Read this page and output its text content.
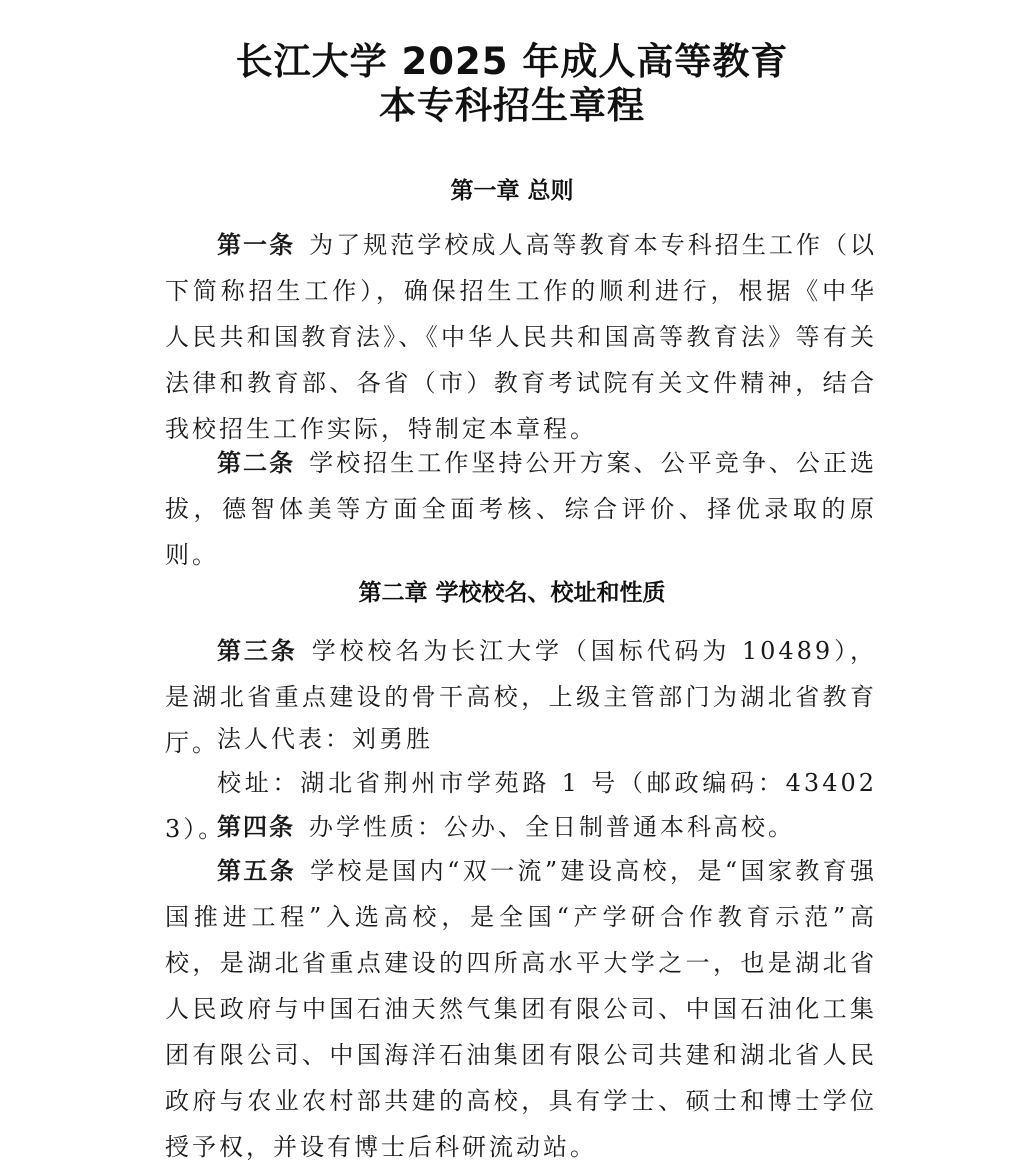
长江大学 2025 年成人高等教育
本专科招生章程
第一章 总则

第一条 为了规范学校成人高等教育本专科招生工作（以下简称招生工作），确保招生工作的顺利进行，根据《中华人民共和国教育法》、《中华人民共和国高等教育法》等有关法律和教育部、各省（市）教育考试院有关文件精神，结合我校招生工作实际，特制定本章程。

第二条 学校招生工作坚持公开方案、公平竞争、公正选拔，德智体美等方面全面考核、综合评价、择优录取的原则。

第二章 学校校名、校址和性质

第三条 学校校名为长江大学（国标代码为 10489），是湖北省重点建设的骨干高校，上级主管部门为湖北省教育厅。

法人代表：刘勇胜

校址：湖北省荆州市学苑路 1 号（邮政编码：434023）。

第四条 办学性质：公办、全日制普通本科高校。

第五条 学校是国内“双一流”建设高校，是“国家教育强国推进工程”入选高校，是全国“产学研合作教育示范”高校，是湖北省重点建设的四所高水平大学之一，也是湖北省人民政府与中国石油天然气集团有限公司、中国石油化工集团有限公司、中国海洋石油集团有限公司共建和湖北省人民政府与农业农村部共建的高校，具有学士、硕士和博士学位授予权，并设有博士后科研流动站。
